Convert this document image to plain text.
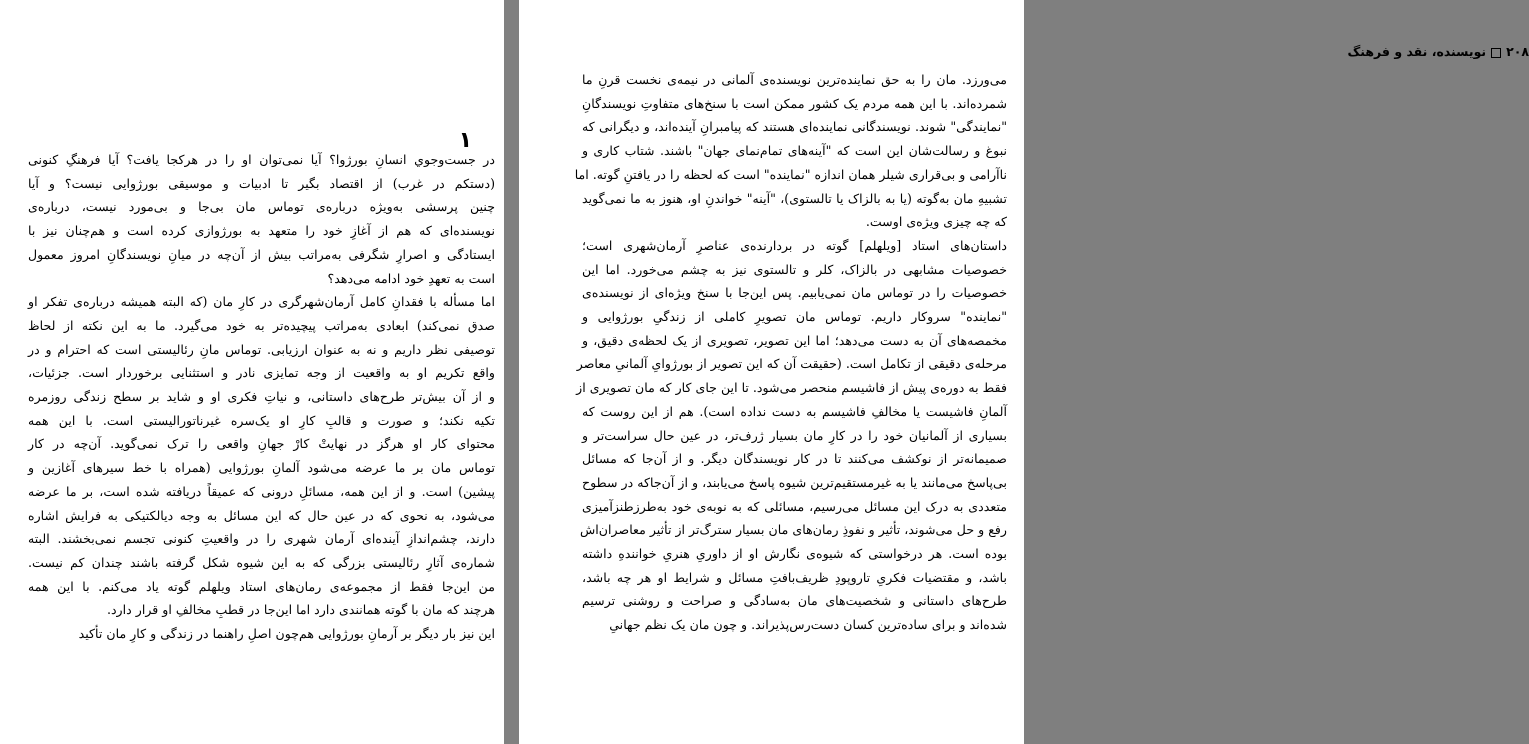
۱
۲۰۸نویسنده، نقد و فرهنگ
در جست‌وجوي انسانِ بورژوا؟ آیا نمی‌توان او را در هرکجا یافت؟ آیا فرهنگِ کنونی
(دستکم در غرب) از اقتصاد بگیر تا ادبیات و موسیقی بورژوایی نیست؟ و آیا
چنین پرسشی به‌ویژه درباره‌ی توماس مان بی‌جا و بی‌مورد نیست، درباره‌ی
نویسنده‌ای که هم از آغازِ خود را متعهد به بورژوازی کرده است و هم‌چنان نیز با
ایستادگی و اصرارِ شگرفی به‌مراتب بیش از آن‌چه در میانِ نویسندگانِ امروز معمول
است به تعهدِ خود ادامه می‌دهد؟
اما مسأله با فقدانِ کامل آرمان‌شهرگری در کارِ مان (که البته همیشه درباره‌ی تفکر او
صدق نمی‌کند) ابعادی به‌مراتب پیچیده‌تر به خود می‌گیرد. ما به این نکته از لحاظ
توصیفی نظر داریم و نه به عنوان ارزیابی. توماس مانِ رئالیستی است که احترام و در
واقع تکریم او به واقعیت از وجه تمایزی نادر و استثنایی برخوردار است. جزئیات،
و از آن بیش‌تر طرح‌های داستانی، و نیاتِ فکری او و شاید بر سطح زندگی روزمره
تکیه نکند؛ و صورت و قالبِ کارِ او یک‌سره غیرناتورالیستی است. با این همه
محتوای کار او هرگز در نهایتْ کارْ جهانِ واقعی را ترک نمی‌گوید. آن‌چه در کار
توماس مان بر ما عرضه می‌شود آلمانِ بورژوایی (همراه با خط سیرهای آغازین و
پیشین) است. و از این همه، مسائلِ درونی که عمیقاً دریافته شده است، بر ما عرضه
می‌شود، به نحوی که در عین حال که این مسائل به وجه دیالکتیکی به فرایش اشاره
دارند، چشم‌اندازِ آینده‌ای آرمان شهری را در واقعیتِ کنونی تجسم نمی‌بخشند. البته
شماره‌ی آثارِ رئالیستی بزرگی که به این شیوه شکل گرفته باشند چندان کم نیست.
من این‌جا فقط از مجموعه‌ی رمان‌های استاد ویلهلم گوته یاد می‌کنم. با این همه
هرچند که مان با گوته همانندی دارد اما این‌جا در قطبِ مخالفِ او قرار دارد.
این نیز بار دیگر بر آرمانِ بورژوایی هم‌چون اصلِ راهنما در زندگی و کارِ مان تأکید
می‌ورزد. مان را به حق نماینده‌ترین نویسنده‌ی آلمانی در نیمه‌ی نخست قرنِ ما
شمرده‌اند. با این همه مردم یک کشور ممکن است با سنخ‌های متفاوتِ نویسندگانِ
"نمایندگی" شوند. نویسندگانی نماینده‌ای هستند که پیامبرانِ آینده‌اند، و دیگرانی که
نبوغ و رسالت‌شان این است که "آینه‌های تمام‌نمای جهان" باشند. شتاب کاری و
ناآرامی و بی‌قراری شیلر همان اندازه "نماینده" است که لحظه را در یافتنِ گوته. اما
تشبیهِ مان به‌گوته (یا به بالزاک یا تالستوی)، "آینه" خواندنِ او، هنوز به ما نمی‌گوید
که چه چیزی ویژه‌ی اوست.
داستان‌های استاد [ویلهلم] گوته در بردارنده‌ی عناصرِ آرمان‌شهری است؛
خصوصیات مشابهی در بالزاک، کلر و تالستوی نیز به چشم می‌خورد. اما این
خصوصیات را در توماس مان نمی‌یابیم. پس این‌جا با سنخ ویژه‌ای از نویسنده‌ی
"نماینده" سروکار داریم. توماس مان تصویرِ کاملی از زندگیِ بورژوایی و
مخمصه‌های آن به دست می‌دهد؛ اما این تصویر، تصویری از یک لحظه‌ی دقیق، و
مرحله‌ی دقیقی از تکامل است. (حقیقت آن که این تصویر از بورژوایِ آلمانیِ معاصر
فقط به دوره‌ی پیش از فاشیسم منحصر می‌شود. تا این جای کار که مان تصویری از
آلمانِ فاشیست یا مخالفِ فاشیسم به دست نداده است). هم از این روست که
بسیاری از آلمانیان خود را در کارِ مان بسیار ژرف‌تر، در عین حال سراست‌تر و
صمیمانه‌تر از نوکشف می‌کنند تا در کار نویسندگان دیگر. و از آن‌جا که مسائل
بی‌پاسخ می‌مانند یا به غیرمستقیم‌ترین شیوه پاسخ می‌یابند، و از آن‌جاکه در سطوح
متعددی به درک این مسائل می‌رسیم، مسائلی که به نوبه‌ی خود به‌طرزطنزآمیزی
رفع و حل می‌شوند، تأثیر و نفوذِ رمان‌های مان بسیار سترگ‌تر از تأثیر معاصران‌اش
بوده است. هر درخواستی که شیوه‌ی نگارش او از داوریِ هنریِ خوانندهِ داشته
باشد، و مقتضیات فکریِ تاروپودِ ظریف‌بافتِ مسائل و شرایط او هر چه باشد،
طرح‌های داستانی و شخصیت‌های مان به‌سادگی و صراحت و روشنی ترسیم
شده‌اند و برای ساده‌ترین کسان دست‌رس‌پذیراند. و چون مان یک نظم جهانیِ
